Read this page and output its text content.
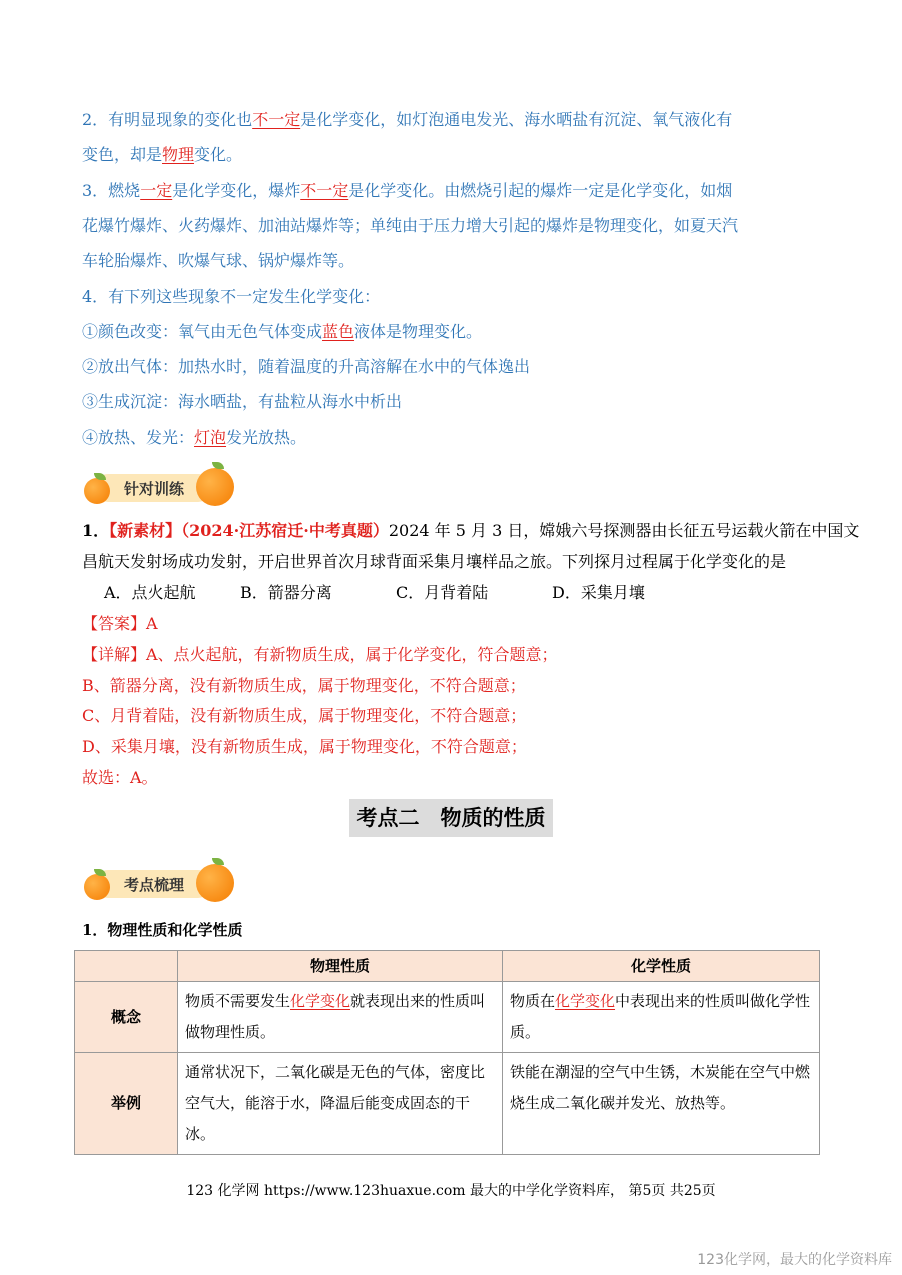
2．有明显现象的变化也不一定是化学变化，如灯泡通电发光、海水晒盐有沉淀、氧气液化有
变色，却是物理变化。
3．燃烧一定是化学变化，爆炸不一定是化学变化。由燃烧引起的爆炸一定是化学变化，如烟
花爆竹爆炸、火药爆炸、加油站爆炸等；单纯由于压力增大引起的爆炸是物理变化，如夏天汽
车轮胎爆炸、吹爆气球、锅炉爆炸等。
4．有下列这些现象不一定发生化学变化：
①颜色改变：氧气由无色气体变成蓝色液体是物理变化。
②放出气体：加热水时，随着温度的升高溶解在水中的气体逸出
③生成沉淀：海水晒盐，有盐粒从海水中析出
④放热、发光：灯泡发光放热。
针对训练
1．【新素材】（2024·江苏宿迁·中考真题）2024 年 5 月 3 日，嫦娥六号探测器由长征五号运载火箭在中国文
昌航天发射场成功发射，开启世界首次月球背面采集月壤样品之旅。下列探月过程属于化学变化的是
A．点火起航	B．箭器分离	C．月背着陆	D．采集月壤
【答案】A
【详解】A、点火起航，有新物质生成，属于化学变化，符合题意；
B、箭器分离，没有新物质生成，属于物理变化，不符合题意；
C、月背着陆，没有新物质生成，属于物理变化，不符合题意；
D、采集月壤，没有新物质生成，属于物理变化，不符合题意；
故选：A。
考点二　物质的性质
考点梳理
1．物理性质和化学性质
	物理性质	化学性质
概念	物质不需要发生化学变化就表现出来的性质叫做物理性质。	物质在化学变化中表现出来的性质叫做化学性质。
举例	通常状况下，二氧化碳是无色的气体，密度比空气大，能溶于水，降温后能变成固态的干冰。	铁能在潮湿的空气中生锈，木炭能在空气中燃烧生成二氧化碳并发光、放热等。
123 化学网 https://www.123huaxue.com 最大的中学化学资料库， 第5页 共25页
123化学网，最大的化学资料库
